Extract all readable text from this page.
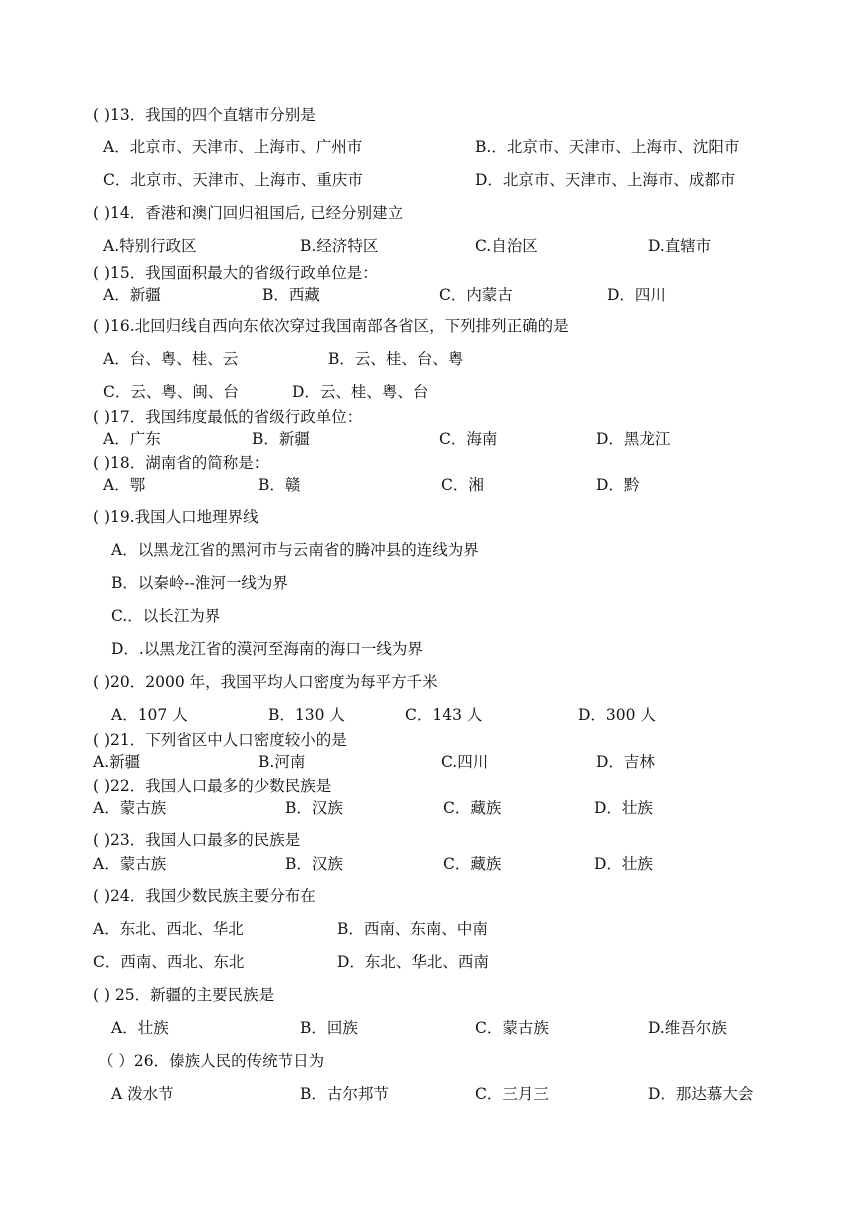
( )13．我国的四个直辖市分别是
A．北京市、天津市、上海市、广州市	B.．北京市、天津市、上海市、沈阳市
C．北京市、天津市、上海市、重庆市	D．北京市、天津市、上海市、成都市
( )14．香港和澳门回归祖国后, 已经分别建立
A.特别行政区	B.经济特区	C.自治区	D.直辖市
( )15．我国面积最大的省级行政单位是：
A．新疆	B．西藏	C．内蒙古	D．四川
( )16.北回归线自西向东依次穿过我国南部各省区，下列排列正确的是
A．台、粤、桂、云	B．云、桂、台、粤
C．云、粤、闽、台	D．云、桂、粤、台
( )17．我国纬度最低的省级行政单位：
A．广东	B．新疆	C．海南	D．黑龙江
( )18．湖南省的简称是：
A．鄂	B．赣	C．湘	D．黔
( )19.我国人口地理界线
A．以黑龙江省的黑河市与云南省的腾冲县的连线为界
B．以秦岭--淮河一线为界
C.．以长江为界
D．.以黑龙江省的漠河至海南的海口一线为界
( )20．2000 年，我国平均人口密度为每平方千米
A．107 人	B．130 人	C．143 人	D．300 人
( )21．下列省区中人口密度较小的是
A.新疆	B.河南	C.四川	D．吉林
( )22．我国人口最多的少数民族是
A．蒙古族	B．汉族	C．藏族	D．壮族
( )23．我国人口最多的民族是
A．蒙古族	B．汉族	C．藏族	D．壮族
( )24．我国少数民族主要分布在
A．东北、西北、华北	B．西南、东南、中南
C．西南、西北、东北	D．东北、华北、西南
( ) 25．新疆的主要民族是
A．壮族	B．回族	C．蒙古族	D.维吾尔族
（ ）26．傣族人民的传统节日为
A 泼水节	B．古尔邦节	C．三月三	D．那达慕大会
